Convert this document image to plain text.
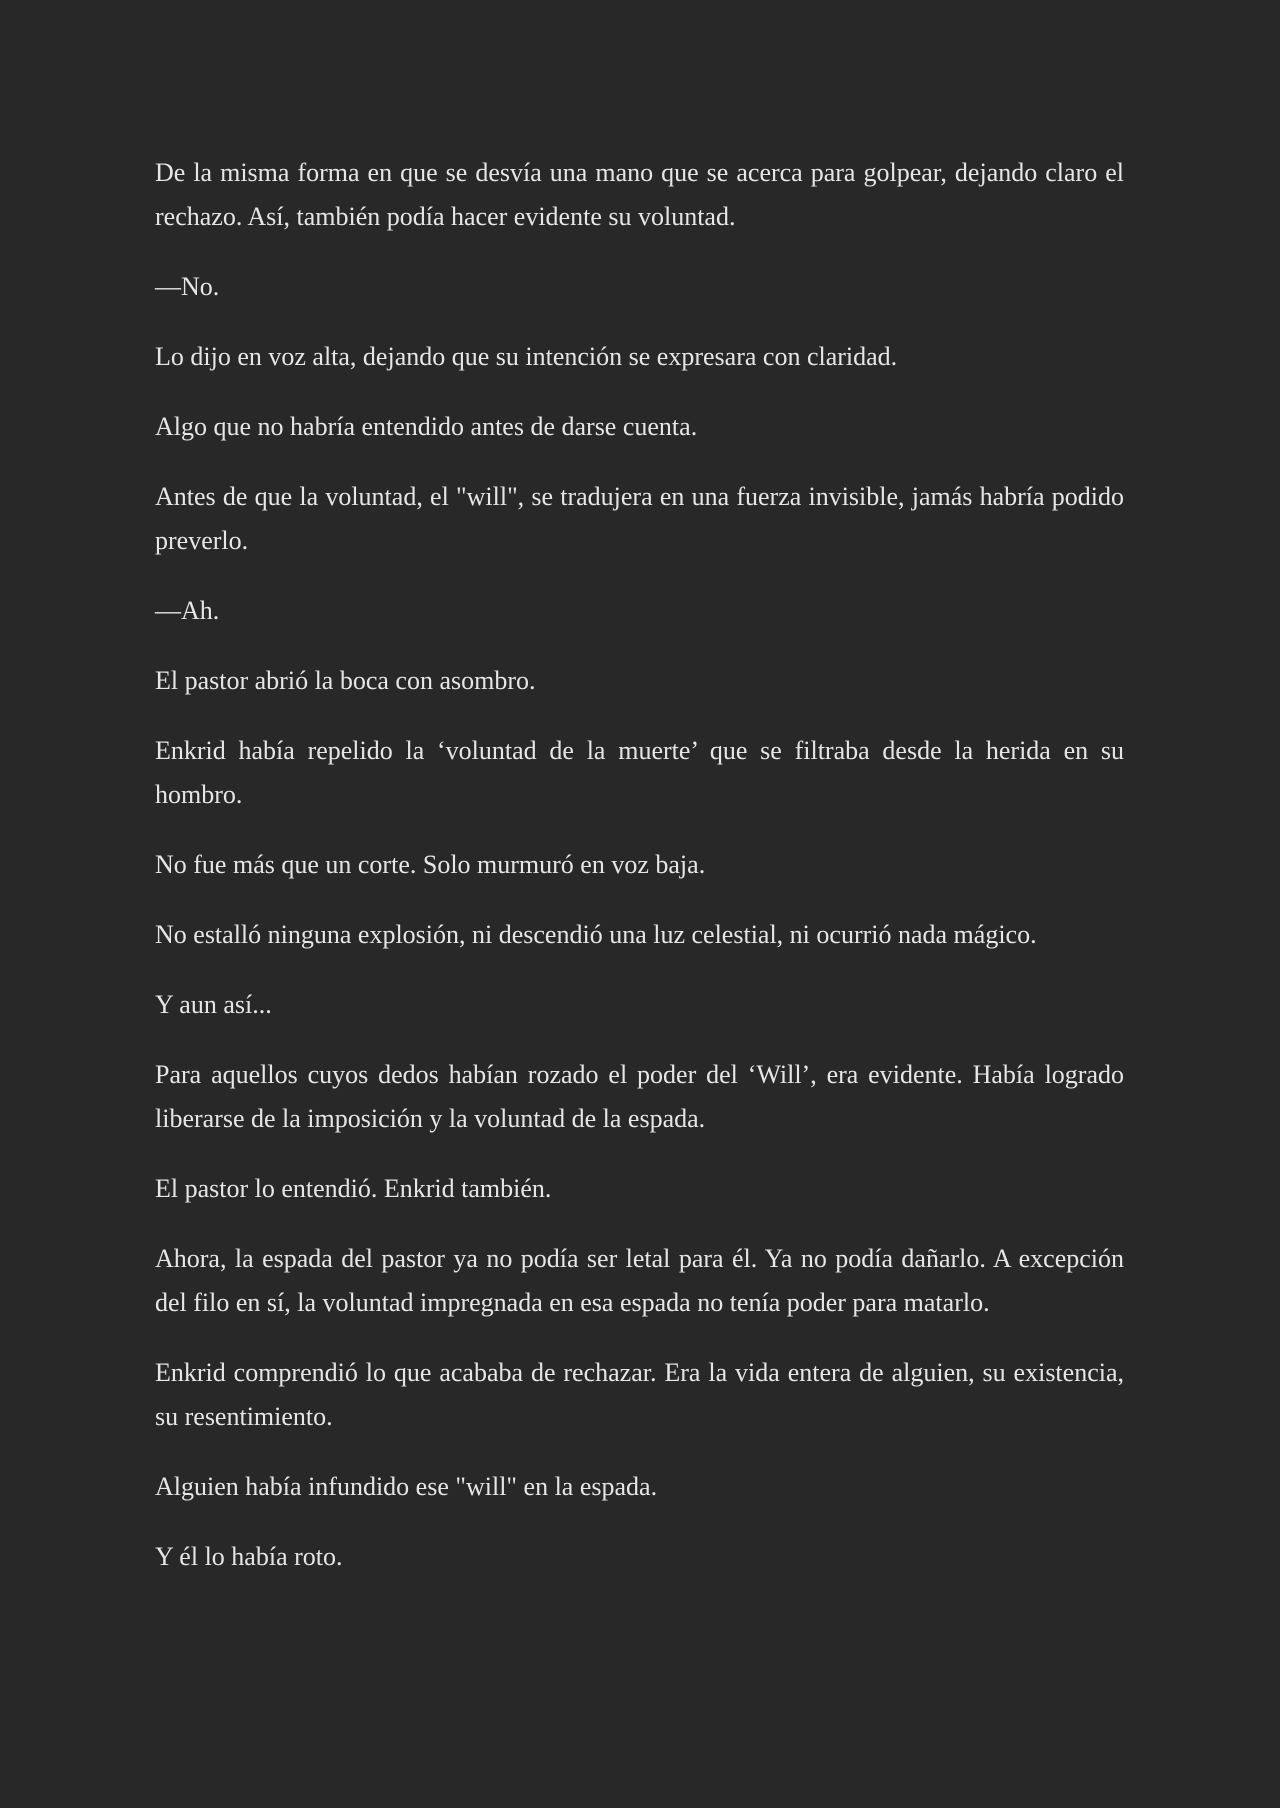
De la misma forma en que se desvía una mano que se acerca para golpear, dejando claro el rechazo. Así, también podía hacer evidente su voluntad.

—No.

Lo dijo en voz alta, dejando que su intención se expresara con claridad.

Algo que no habría entendido antes de darse cuenta.

Antes de que la voluntad, el "will", se tradujera en una fuerza invisible, jamás habría podido preverlo.

—Ah.

El pastor abrió la boca con asombro.

Enkrid había repelido la ‘voluntad de la muerte’ que se filtraba desde la herida en su hombro.

No fue más que un corte. Solo murmuró en voz baja.

No estalló ninguna explosión, ni descendió una luz celestial, ni ocurrió nada mágico.

Y aun así...

Para aquellos cuyos dedos habían rozado el poder del ‘Will’, era evidente. Había logrado liberarse de la imposición y la voluntad de la espada.

El pastor lo entendió. Enkrid también.

Ahora, la espada del pastor ya no podía ser letal para él. Ya no podía dañarlo. A excepción del filo en sí, la voluntad impregnada en esa espada no tenía poder para matarlo.

Enkrid comprendió lo que acababa de rechazar. Era la vida entera de alguien, su existencia, su resentimiento.

Alguien había infundido ese "will" en la espada.

Y él lo había roto.
